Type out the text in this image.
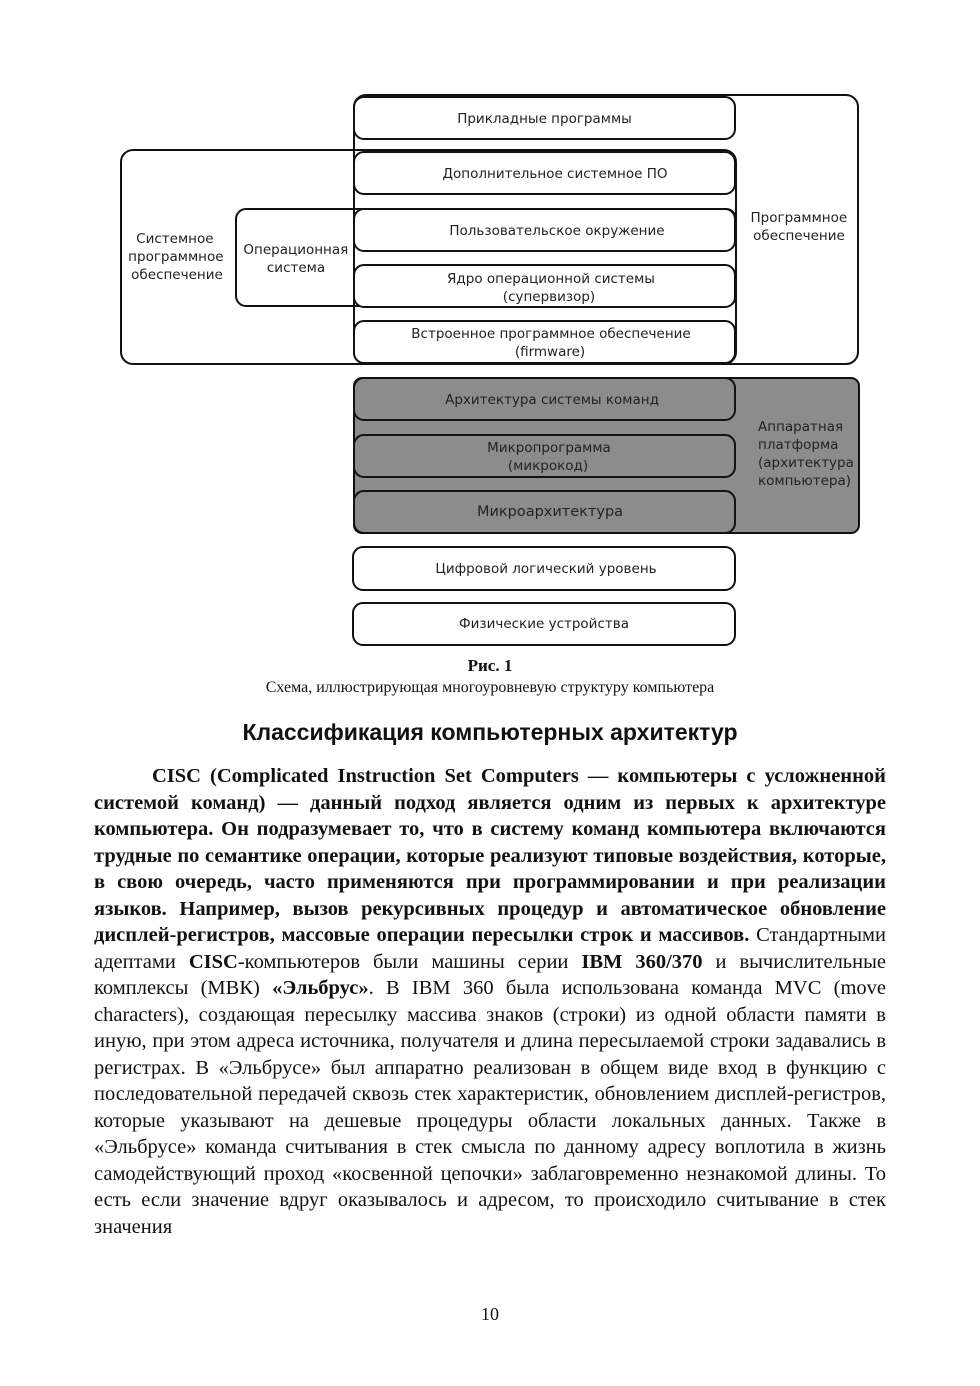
Прикладные программы
Дополнительное системное ПО
Пользовательское окружение
Ядро операционной системы (супервизор)
Встроенное программное обеспечение (firmware)
Архитектура системы команд
Микропрограмма (микрокод)
Микроархитектура
Цифровой логический уровень
Физические устройства
Системное программное обеспечение
Операционная система
Программное обеспечение
Аппаратная платформа (архитектура компьютера)
Рис. 1
Схема, иллюстрирующая многоуровневую структуру компьютера
Классификация компьютерных архитектур

CISC (Complicated Instruction Set Computers — компьютеры с усложненной системой команд) — данный подход является одним из первых к архитектуре компьютера. Он подразумевает то, что в систему команд компьютера включаются трудные по семантике операции, которые реализуют типовые воздействия, которые, в свою очередь, часто применяются при программировании и при реализации языков. Например, вызов рекурсивных процедур и автоматическое обновление дисплей-регистров, массовые операции пересылки строк и массивов. Стандартными адептами CISC-компьютеров были машины серии IBM 360/370 и вычислительные комплексы (МВК) «Эльбрус». В IBM 360 была использована команда MVC (move characters), создающая пересылку массива знаков (строки) из одной области памяти в иную, при этом адреса источника, получателя и длина пересылаемой строки задавались в регистрах. В «Эльбрусе» был аппаратно реализован в общем виде вход в функцию с последовательной передачей сквозь стек характеристик, обновлением дисплей-регистров, которые указывают на дешевые процедуры области локальных данных. Также в «Эльбрусе» команда считывания в стек смысла по данному адресу воплотила в жизнь самодействующий проход «косвенной цепочки» заблаговременно незнакомой длины. То есть если значение вдруг оказывалось и адресом, то происходило считывание в стек значения

10
